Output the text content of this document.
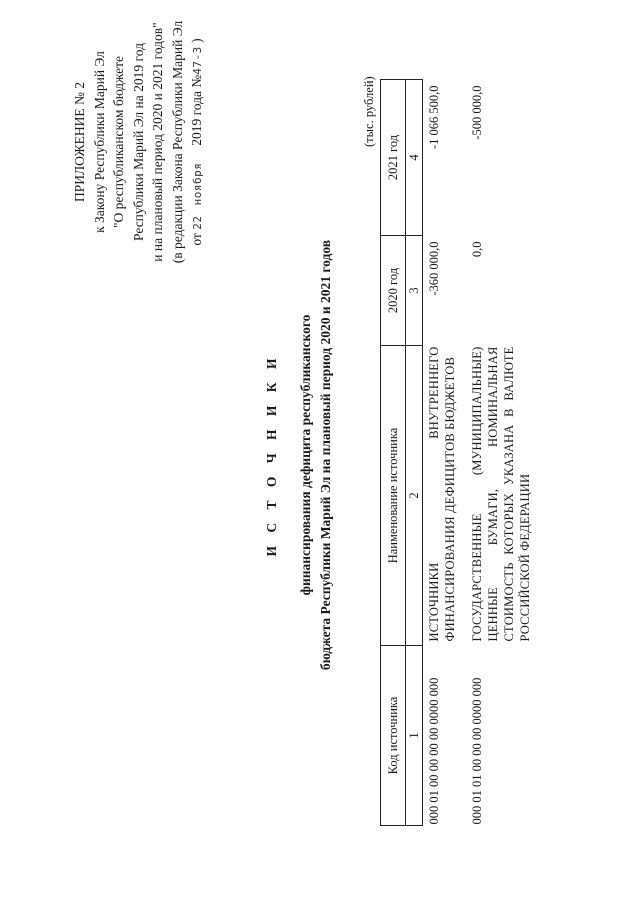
ПРИЛОЖЕНИЕ № 2 к Закону Республики Марий Эл "О республиканском бюджете Республики Марий Эл на 2019 год и на плановый период 2020 и 2021 годов" (в редакции Закона Республики Марий Эл от 22   ноября     2019 года №47-З )
И С Т О Ч Н И К И финансирования дефицита республиканского бюджета Республики Марий Эл на плановый период 2020 и 2021 годов
(тыс. рублей)
Код источника	Наименование источника	2020 год	2021 год
1	2	3	4
000 01 00 00 00 00 0000 000	ИСТОЧНИКИ ВНУТРЕННЕГО ФИНАНСИРОВАНИЯ ДЕФИЦИТОВ БЮДЖЕТОВ	-360 000,0	-1 066 500,0
000 01 01 00 00 00 0000 000	ГОСУДАРСТВЕННЫЕ (МУНИЦИПАЛЬНЫЕ) ЦЕННЫЕ БУМАГИ, НОМИНАЛЬНАЯ СТОИМОСТЬ КОТОРЫХ УКАЗАНА В ВАЛЮТЕ РОССИЙСКОЙ ФЕДЕРАЦИИ	0,0	-500 000,0
